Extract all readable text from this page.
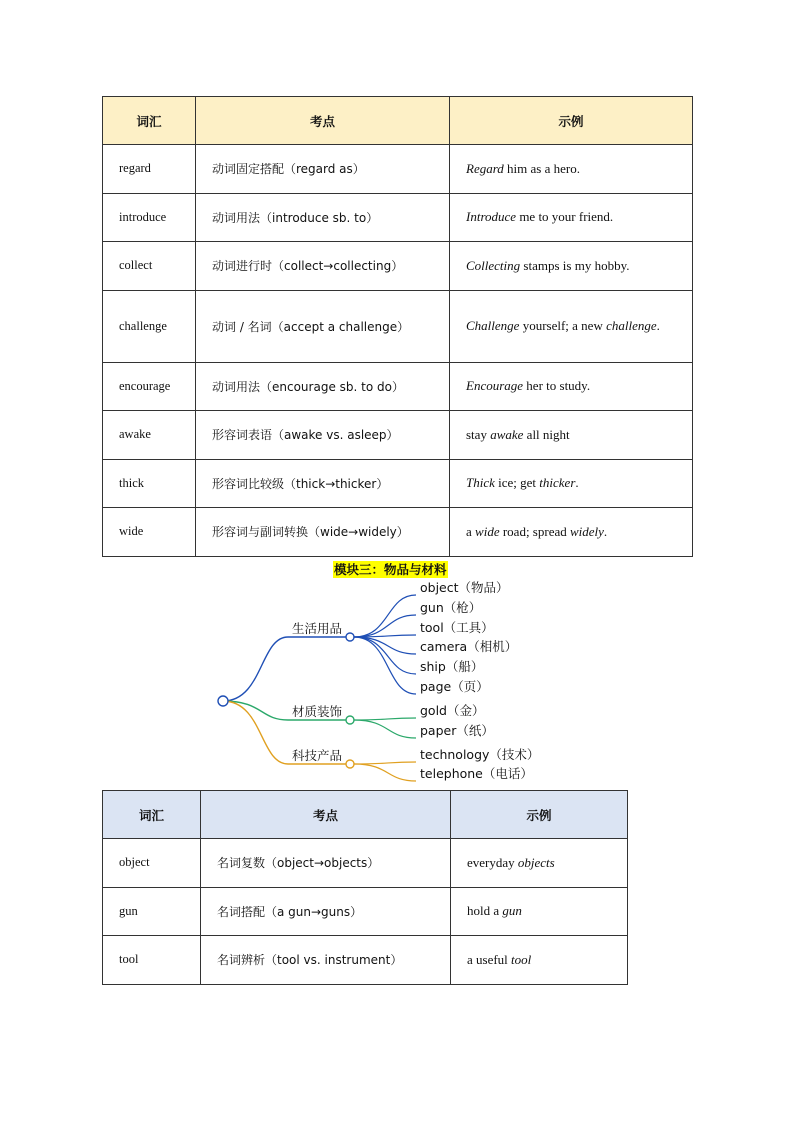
词汇	考点	示例
regard	动词固定搭配（regard as）	Regard him as a hero.
introduce	动词用法（introduce sb. to）	Introduce me to your friend.
collect	动词进行时（collect→collecting）	Collecting stamps is my hobby.
challenge	动词 / 名词（accept a challenge）	Challenge yourself; a new challenge.
encourage	动词用法（encourage sb. to do）	Encourage her to study.
awake	形容词表语（awake vs. asleep）	stay awake all night
thick	形容词比较级（thick→thicker）	Thick ice; get thicker.
wide	形容词与副词转换（wide→widely）	a wide road; spread widely.
模块三：物品与材料
生活用品
object（物品）
gun（枪）
tool（工具）
camera（相机）
ship（船）
page（页）
材质装饰	gold（金）
paper（纸）
科技产品	technology（技术）
telephone（电话）
词汇	考点	示例
object	名词复数（object→objects）	everyday objects
gun	名词搭配（a gun→guns）	hold a gun
tool	名词辨析（tool vs. instrument）	a useful tool
